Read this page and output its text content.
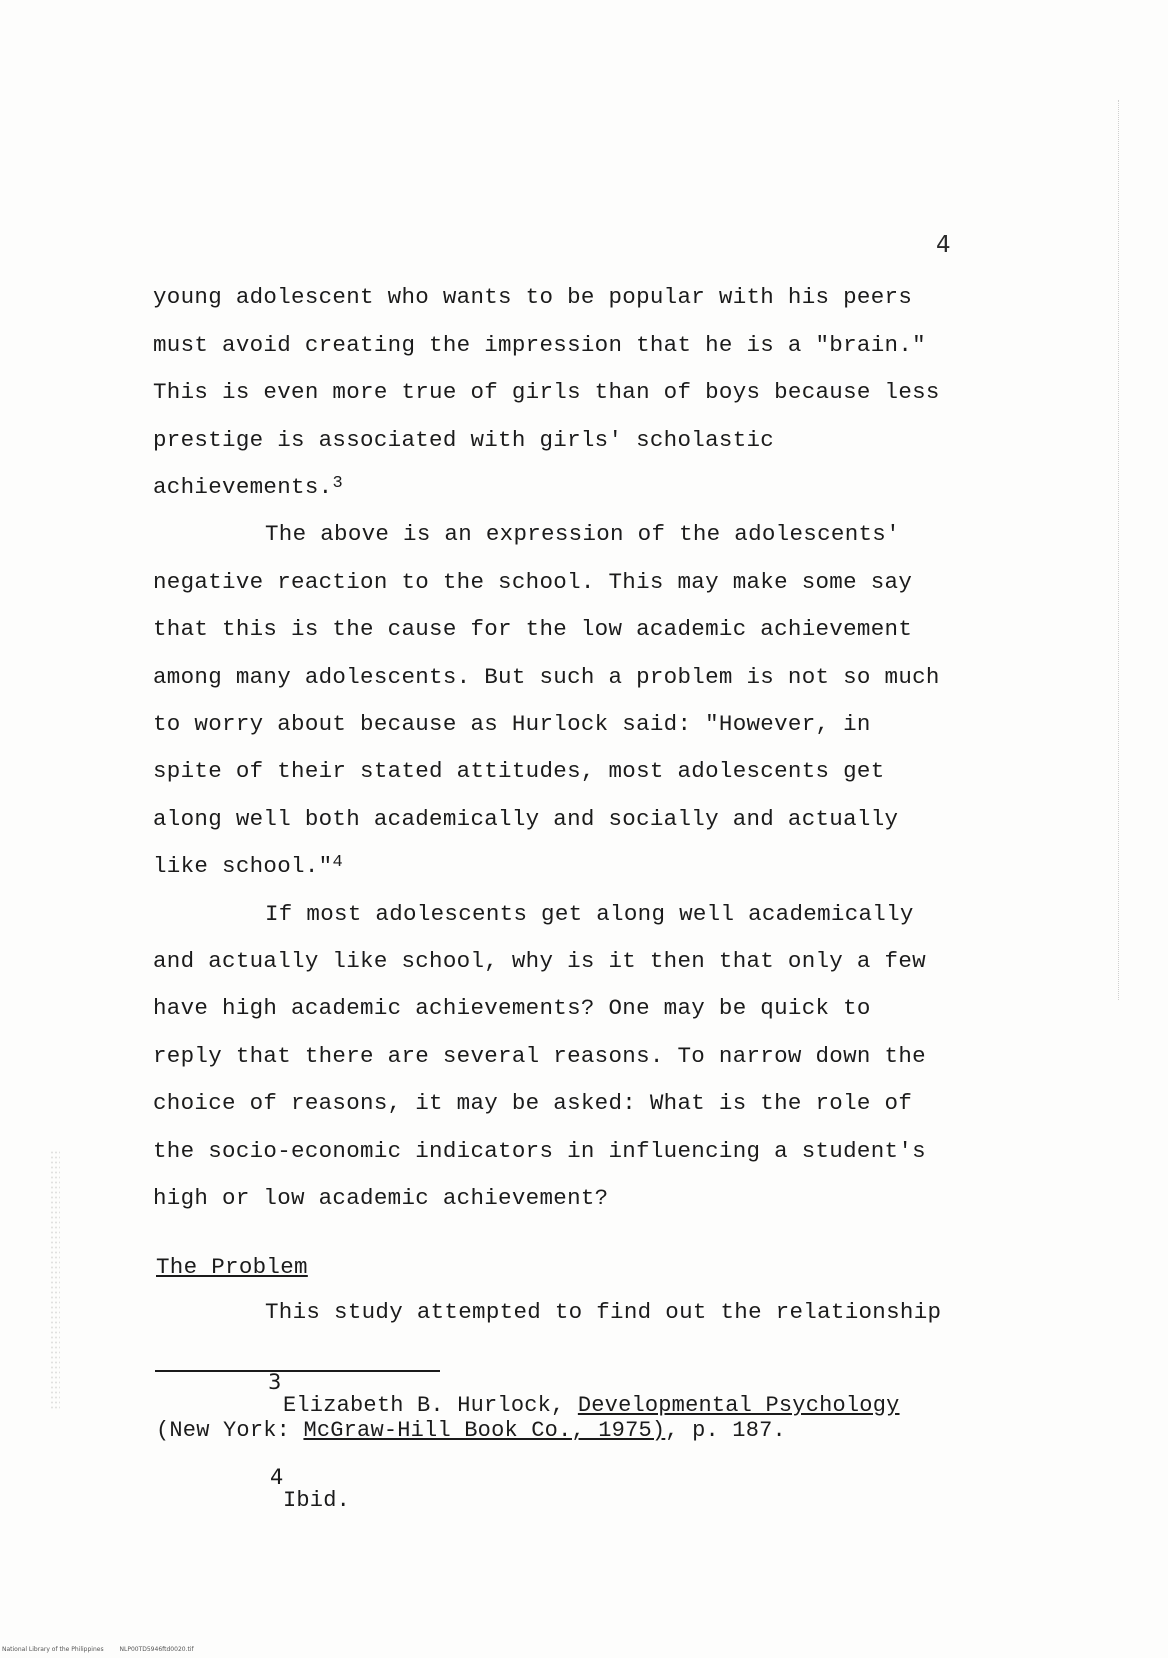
4
young adolescent who wants to be popular with his peers
must avoid creating the impression that he is a "brain."
This is even more true of girls than of boys because less
prestige is associated with girls' scholastic
achievements.$^3$
The above is an expression of the adolescents'
negative reaction to the school. This may make some say
that this is the cause for the low academic achievement
among many adolescents. But such a problem is not so much
to worry about because as Hurlock said: "However, in
spite of their stated attitudes, most adolescents get
along well both academically and socially and actually
like school."$^4$
If most adolescents get along well academically
and actually like school, why is it then that only a few
have high academic achievements? One may be quick to
reply that there are several reasons. To narrow down the
choice of reasons, it may be asked: What is the role of
the socio-economic indicators in influencing a student's
high or low academic achievement?
The Problem
This study attempted to find out the relationship
3
Elizabeth B. Hurlock, Developmental Psychology
(New York: McGraw-Hill Book Co., 1975), p. 187.
4
Ibid.
National Library of the Philippines	NLP00TD5946ftd0020.tif
